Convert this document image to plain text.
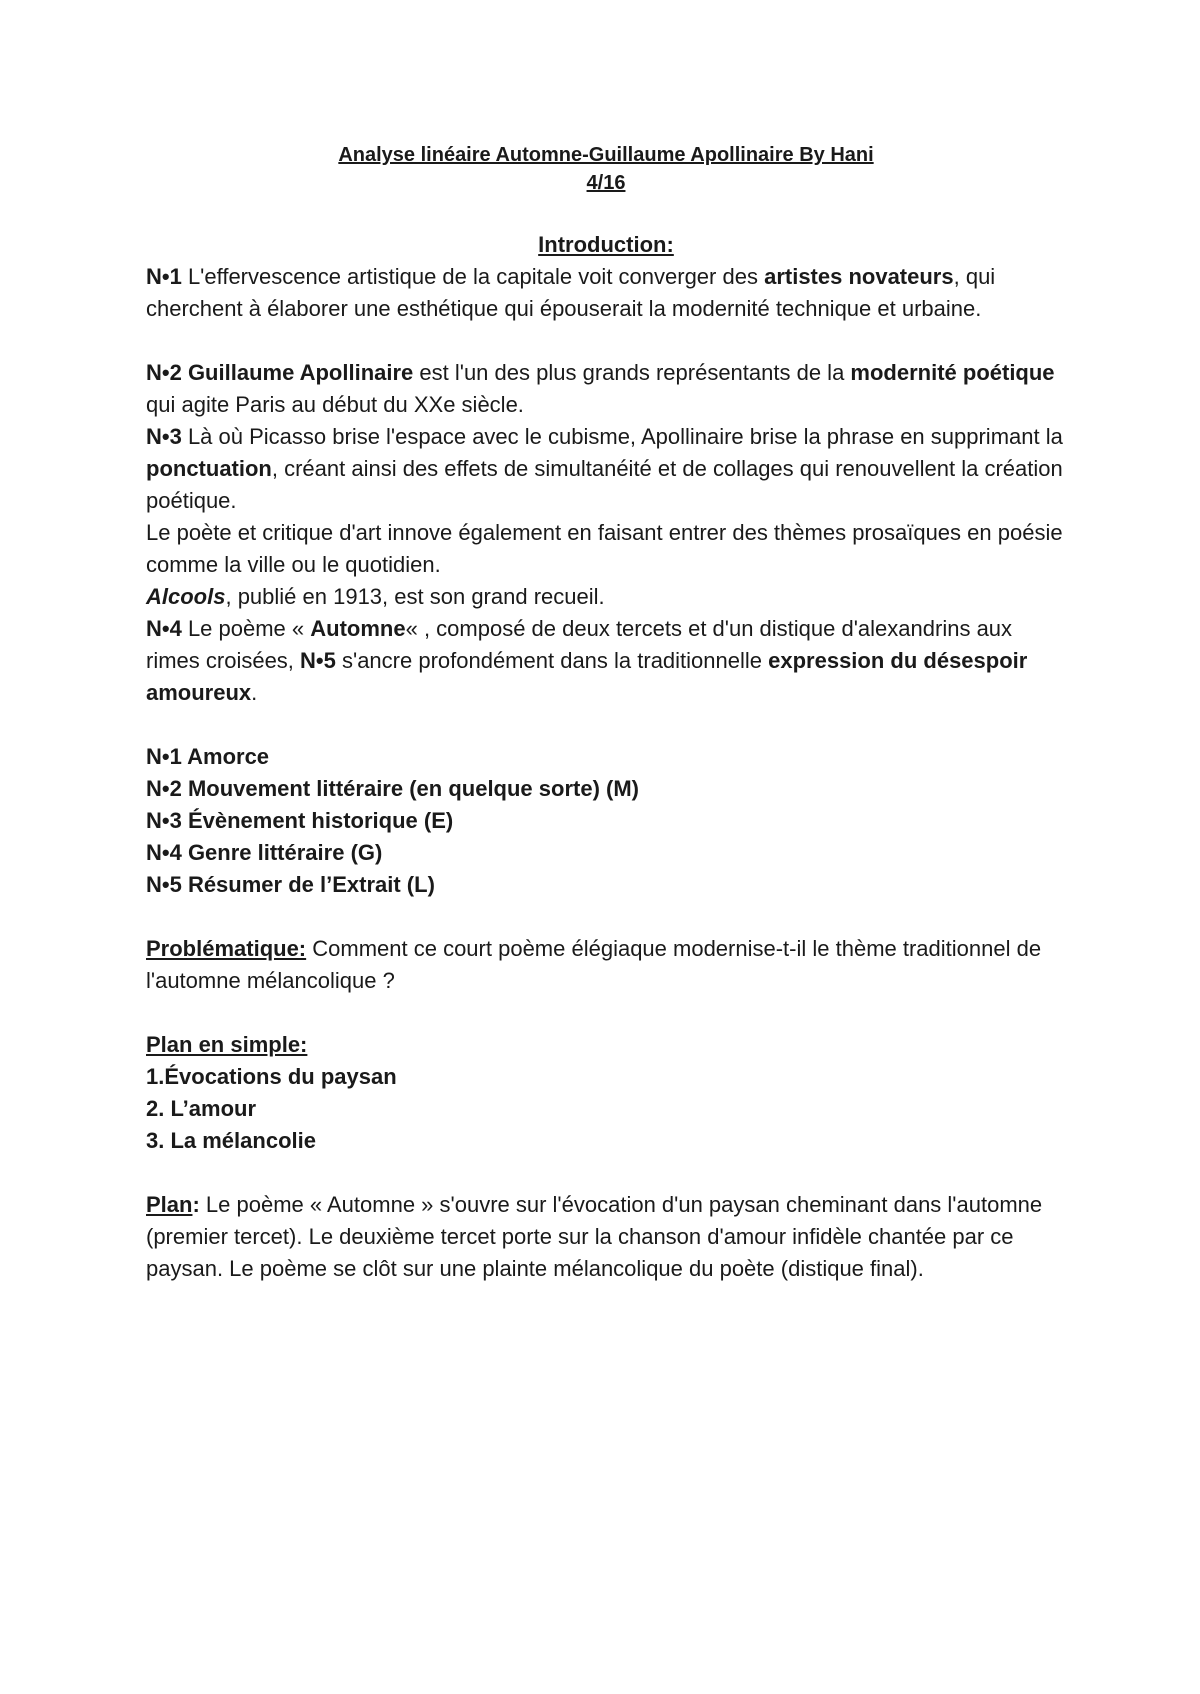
Analyse linéaire Automne-Guillaume Apollinaire By Hani

4/16

Introduction:

N•1 L'effervescence artistique de la capitale voit converger des artistes novateurs, qui cherchent à élaborer une esthétique qui épouserait la modernité technique et urbaine.

N•2 Guillaume Apollinaire est l'un des plus grands représentants de la modernité poétique qui agite Paris au début du XXe siècle.

N•3 Là où Picasso brise l'espace avec le cubisme, Apollinaire brise la phrase en supprimant la ponctuation, créant ainsi des effets de simultanéité et de collages qui renouvellent la création poétique.

Le poète et critique d'art innove également en faisant entrer des thèmes prosaïques en poésie comme la ville ou le quotidien.

Alcools, publié en 1913, est son grand recueil.

N•4 Le poème « Automne« , composé de deux tercets et d'un distique d'alexandrins aux rimes croisées, N•5 s'ancre profondément dans la traditionnelle expression du désespoir amoureux.

N•1 Amorce

N•2 Mouvement littéraire (en quelque sorte) (M)

N•3 Évènement historique (E)

N•4 Genre littéraire (G)

N•5 Résumer de l’Extrait (L)

Problématique: Comment ce court poème élégiaque modernise-t-il le thème traditionnel de l'automne mélancolique ?

Plan en simple:

1.Évocations du paysan

2. L’amour

3. La mélancolie

Plan: Le poème « Automne » s'ouvre sur l'évocation d'un paysan cheminant dans l'automne (premier tercet). Le deuxième tercet porte sur la chanson d'amour infidèle chantée par ce paysan. Le poème se clôt sur une plainte mélancolique du poète (distique final).
